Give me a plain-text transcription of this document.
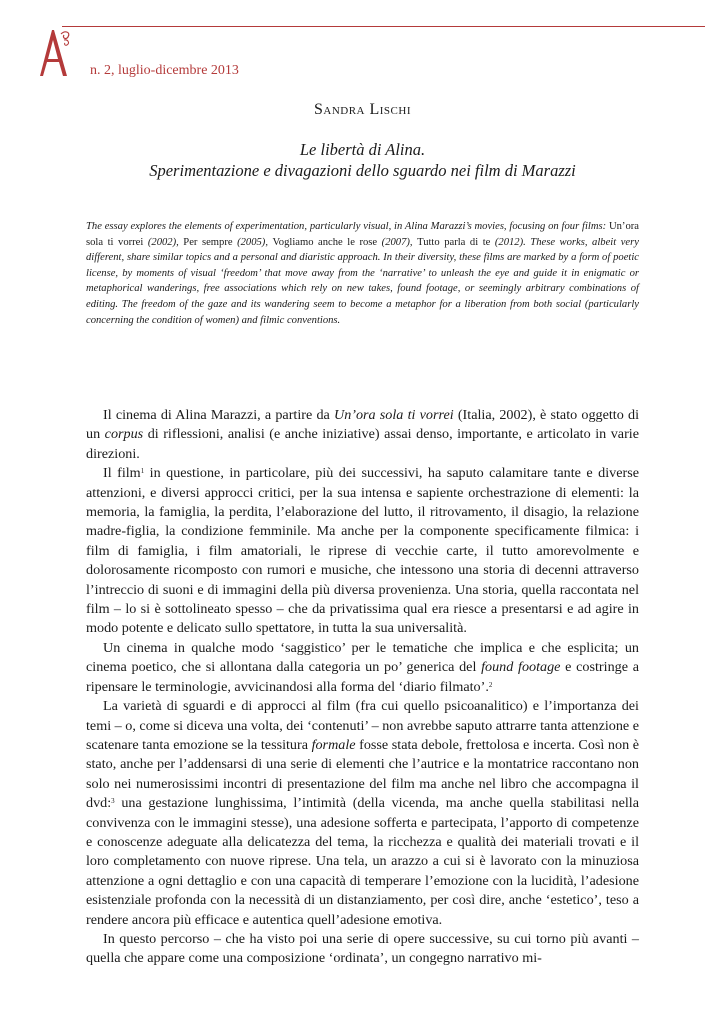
n. 2, luglio-dicembre 2013
Sandra Lischi
Le libertà di Alina.
Sperimentazione e divagazioni dello sguardo nei film di Marazzi
The essay explores the elements of experimentation, particularly visual, in Alina Marazzi’s movies, focusing on four films: Un’ora sola ti vorrei (2002), Per sempre (2005), Vogliamo anche le rose (2007), Tutto parla di te (2012). These works, albeit very different, share similar topics and a personal and diaristic approach. In their diversity, these films are marked by a form of poetic license, by moments of visual ‘freedom’ that move away from the ‘narrative’ to unleash the eye and guide it in enigmatic or metaphorical wanderings, free associations which rely on new takes, found footage, or seemingly arbitrary combinations of editing. The freedom of the gaze and its wandering seem to become a metaphor for a liberation from both social (particularly concerning the condition of women) and filmic conventions.

Il cinema di Alina Marazzi, a partire da Un’ora sola ti vorrei (Italia, 2002), è stato oggetto di un corpus di riflessioni, analisi (e anche iniziative) assai denso, importante, e articolato in varie direzioni.

Il film$^1$ in questione, in particolare, più dei successivi, ha saputo calamitare tante e diverse attenzioni, e diversi approcci critici, per la sua intensa e sapiente orchestrazione di elementi: la memoria, la famiglia, la perdita, l’elaborazione del lutto, il ritrovamento, il disagio, la relazione madre-figlia, la condizione femminile. Ma anche per la componente specificamente filmica: i film di famiglia, i film amatoriali, le riprese di vecchie carte, il tutto amorevolmente e dolorosamente ricomposto con rumori e musiche, che intessono una storia di decenni attraverso l’intreccio di suoni e di immagini della più diversa provenienza. Una storia, quella raccontata nel film – lo si è sottolineato spesso – che da privatissima qual era riesce a presentarsi e ad agire in modo potente e delicato sullo spettatore, in tutta la sua universalità.

Un cinema in qualche modo ‘saggistico’ per le tematiche che implica e che esplicita; un cinema poetico, che si allontana dalla categoria un po’ generica del found footage e costringe a ripensare le terminologie, avvicinandosi alla forma del ‘diario filmato’.$^2$

La varietà di sguardi e di approcci al film (fra cui quello psicoanalitico) e l’importanza dei temi – o, come si diceva una volta, dei ‘contenuti’ – non avrebbe saputo attrarre tanta attenzione e scatenare tanta emozione se la tessitura formale fosse stata debole, frettolosa e incerta. Così non è stato, anche per l’addensarsi di una serie di elementi che l’autrice e la montatrice raccontano non solo nei numerosissimi incontri di presentazione del film ma anche nel libro che accompagna il dvd:$^3$ una gestazione lunghissima, l’intimità (della vicenda, ma anche quella stabilitasi nella convivenza con le immagini stesse), una adesione sofferta e partecipata, l’apporto di competenze e conoscenze adeguate alla delicatezza del tema, la ricchezza e qualità dei materiali trovati e il loro completamento con nuove riprese. Una tela, un arazzo a cui si è lavorato con la minuziosa attenzione a ogni dettaglio e con una capacità di temperare l’emozione con la lucidità, l’adesione esistenziale profonda con la necessità di un distanziamento, per così dire, anche ‘estetico’, teso a rendere ancora più efficace e autentica quell’adesione emotiva.

In questo percorso – che ha visto poi una serie di opere successive, su cui torno più avanti – quella che appare come una composizione ‘ordinata’, un congegno narrativo mi-
